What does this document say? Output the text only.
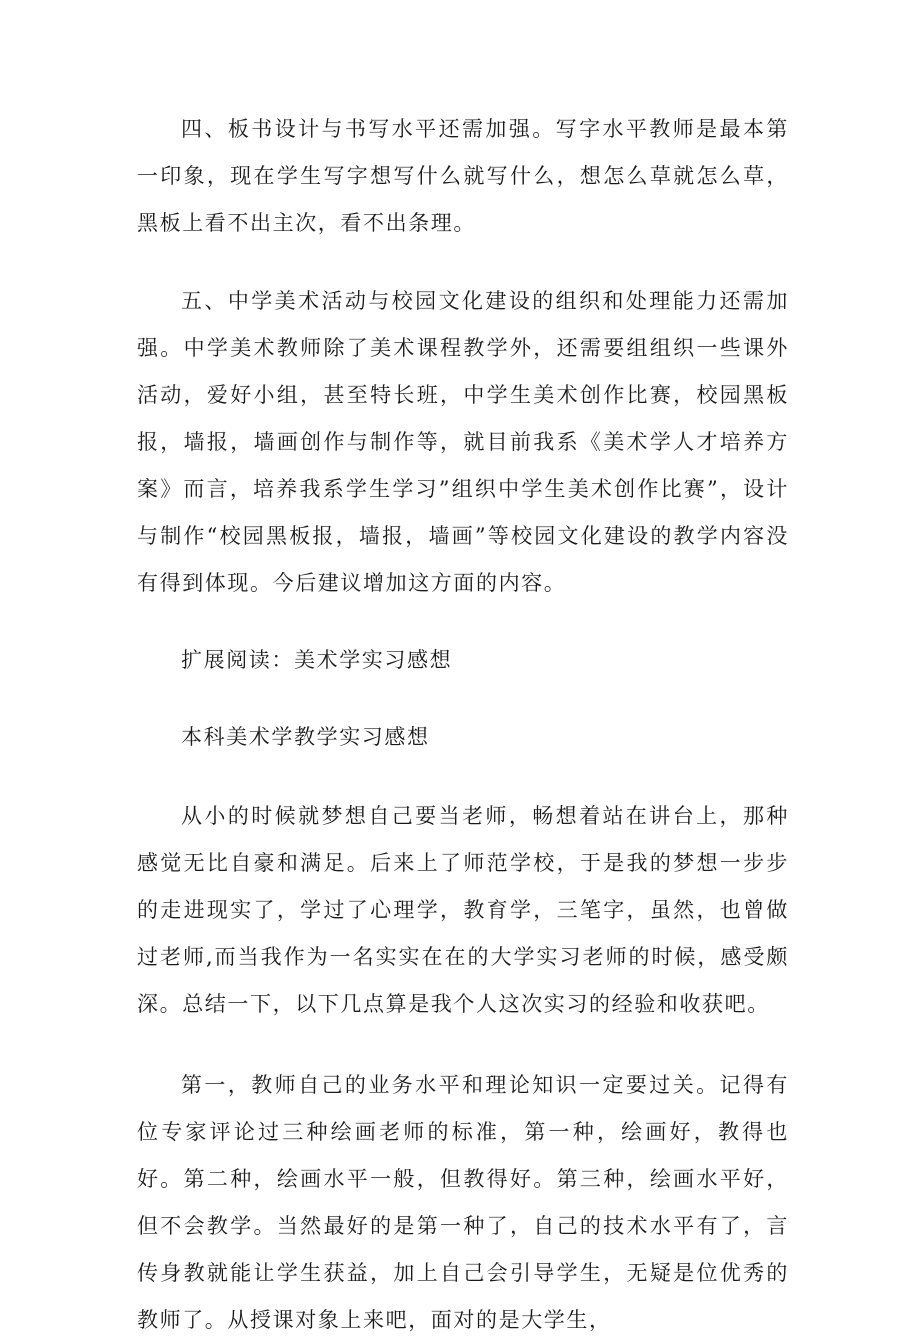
四、板书设计与书写水平还需加强。写字水平教师是最本第一印象，现在学生写字想写什么就写什么，想怎么草就怎么草，黑板上看不出主次，看不出条理。

五、中学美术活动与校园文化建设的组织和处理能力还需加强。中学美术教师除了美术课程教学外，还需要组组织一些课外活动，爱好小组，甚至特长班，中学生美术创作比赛，校园黑板报，墙报，墙画创作与制作等，就目前我系《美术学人才培养方案》而言，培养我系学生学习”组织中学生美术创作比赛”，设计与制作“校园黑板报，墙报，墙画”等校园文化建设的教学内容没有得到体现。今后建议增加这方面的内容。

扩展阅读：美术学实习感想

本科美术学教学实习感想

从小的时候就梦想自己要当老师，畅想着站在讲台上，那种感觉无比自豪和满足。后来上了师范学校，于是我的梦想一步步的走进现实了，学过了心理学，教育学，三笔字，虽然，也曾做过老师,而当我作为一名实实在在的大学实习老师的时候，感受颇深。总结一下，以下几点算是我个人这次实习的经验和收获吧。

第一，教师自己的业务水平和理论知识一定要过关。记得有位专家评论过三种绘画老师的标准，第一种，绘画好，教得也好。第二种，绘画水平一般，但教得好。第三种，绘画水平好，但不会教学。当然最好的是第一种了，自己的技术水平有了，言传身教就能让学生获益，加上自己会引导学生，无疑是位优秀的教师了。从授课对象上来吧，面对的是大学生，
